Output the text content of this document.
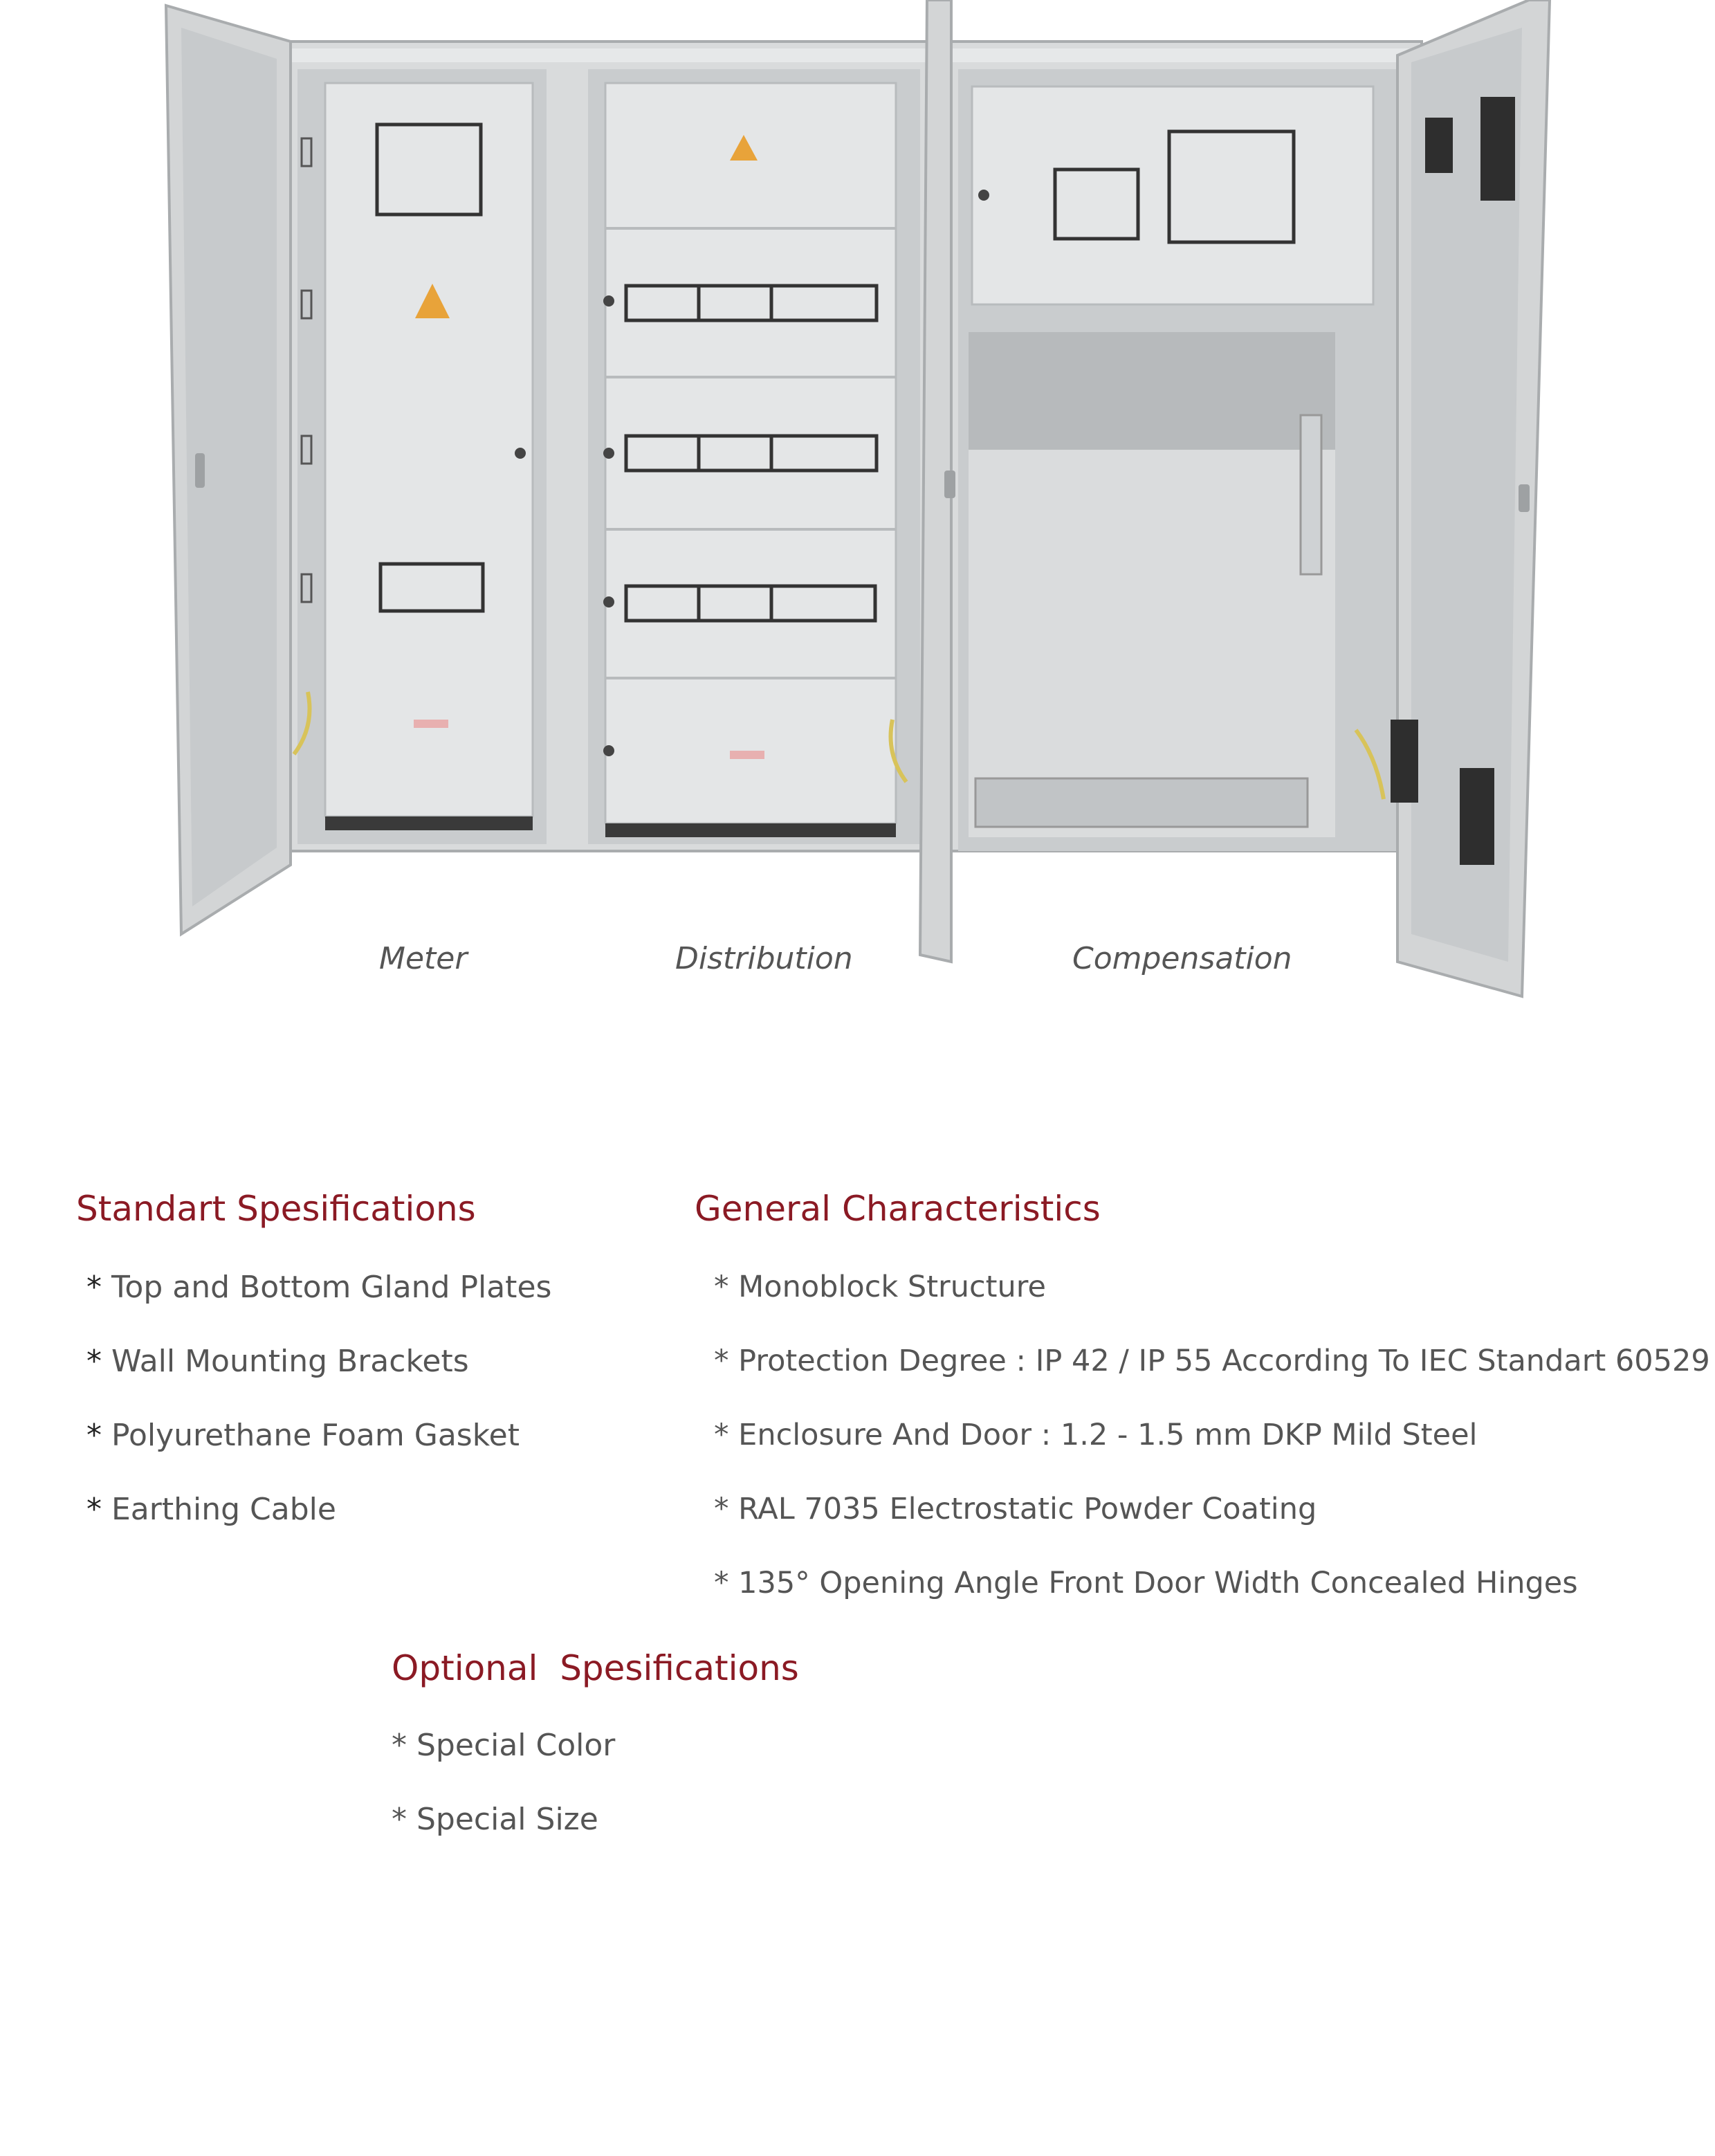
Meter	Distribution	Compensation
Standart Spesifications
* Top and Bottom Gland Plates
* Wall Mounting Brackets
* Polyurethane Foam Gasket
* Earthing Cable
General Characteristics
* Monoblock Structure
* Protection Degree : IP 42 / IP 55 According To IEC Standart 60529
* Enclosure And Door : 1.2 - 1.5 mm DKP Mild Steel
* RAL 7035 Electrostatic Powder Coating
* 135° Opening Angle Front Door Width Concealed Hinges
Optional  Spesifications
* Special Color
* Special Size
